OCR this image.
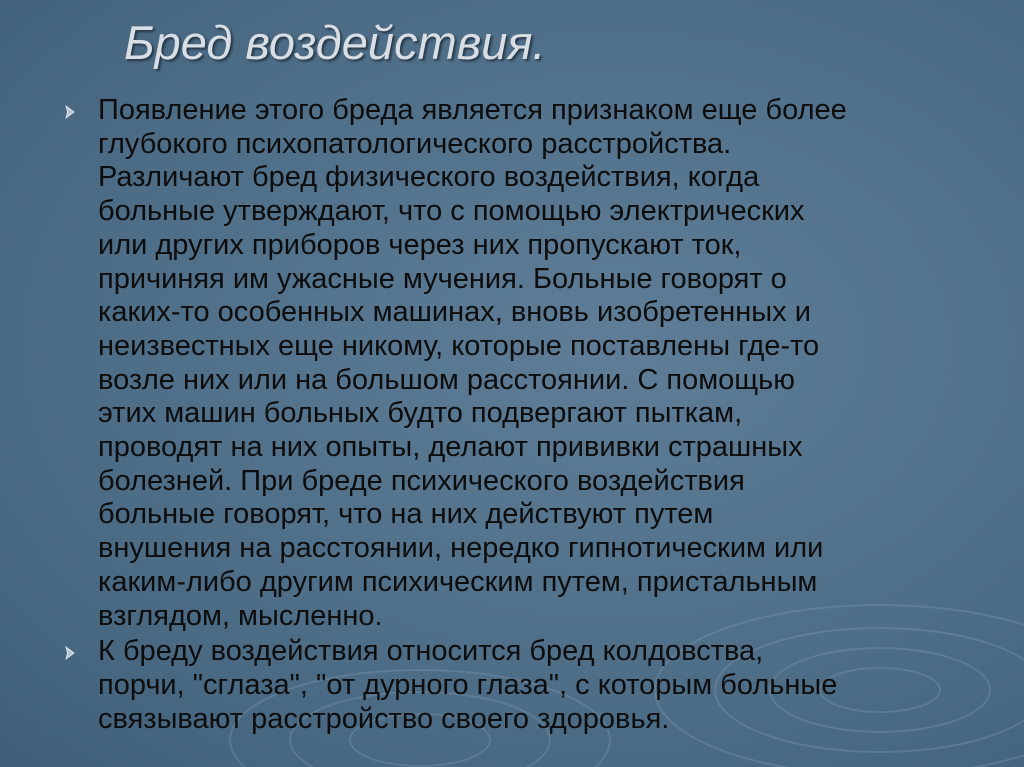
Бред воздействия.

Появление этого бреда является признаком еще более
глубокого психопатологического расстройства.
Различают бред физического воздействия, когда
больные утверждают, что с помощью электрических
или других приборов через них пропускают ток,
причиняя им ужасные мучения. Больные говорят о
каких-то особенных машинах, вновь изобретенных и
неизвестных еще никому, которые поставлены где-то
возле них или на большом расстоянии. С помощью
этих машин больных будто подвергают пыткам,
проводят на них опыты, делают прививки страшных
болезней. При бреде психического воздействия
больные говорят, что на них действуют путем
внушения на расстоянии, нередко гипнотическим или
каким-либо другим психическим путем, пристальным
взглядом, мысленно.

К бреду воздействия относится бред колдовства,
порчи, "сглаза", "от дурного глаза", с которым больные
связывают расстройство своего здоровья.
